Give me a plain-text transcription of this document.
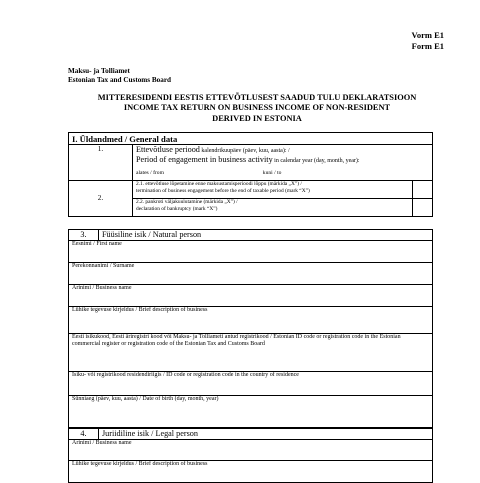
Vorm E1
Form E1
Maksu- ja Tolliamet
Estonian Tax and Customs Board
MITTERESIDENDI EESTIS ETTEVÕTLUSEST SAADUD TULU DEKLARATSIOON
INCOME TAX RETURN ON BUSINESS INCOME OF NON-RESIDENT
DERIVED IN ESTONIA
I. Üldandmed / General data		
1.	Ettevõtluse periood kalendrikuupäev (päev, kuu, aasta): /
Period of engagement in business activity in calendar year (day, month, year):
alates / from kuni / to	

2.	2.1. ettevõtluse lõpetamine enne maksustamisperioodi lõppu (märkida „X”) /
termination of business engagement before the end of taxable period (mark “X”)	

	2.2. pankroti väljakuulutamine (märkida „X”) /
declaration of bankruptcy (mark “X”)	

3.	Füüsiline isik / Natural person
Eesnimi / First name
Perekonnanimi / Surname
Ärinimi / Business name
Lühike tegevuse kirjeldus / Brief description of business
Eesti isikukood, Eesti äriregistri kood või Maksu- ja Tolliameti antud registrikood / Estonian ID code or registration code in the Estonian commercial register or registration code of the Estonian Tax and Customs Board
Isiku- või registrikood residendiriigis / ID code or registration code in the country of residence
Sünniaeg (päev, kuu, aasta) / Date of birth (day, month, year)
4.	Juriidiline isik / Legal person
Ärinimi / Business name
Lühike tegevuse kirjeldus / Brief description of business
